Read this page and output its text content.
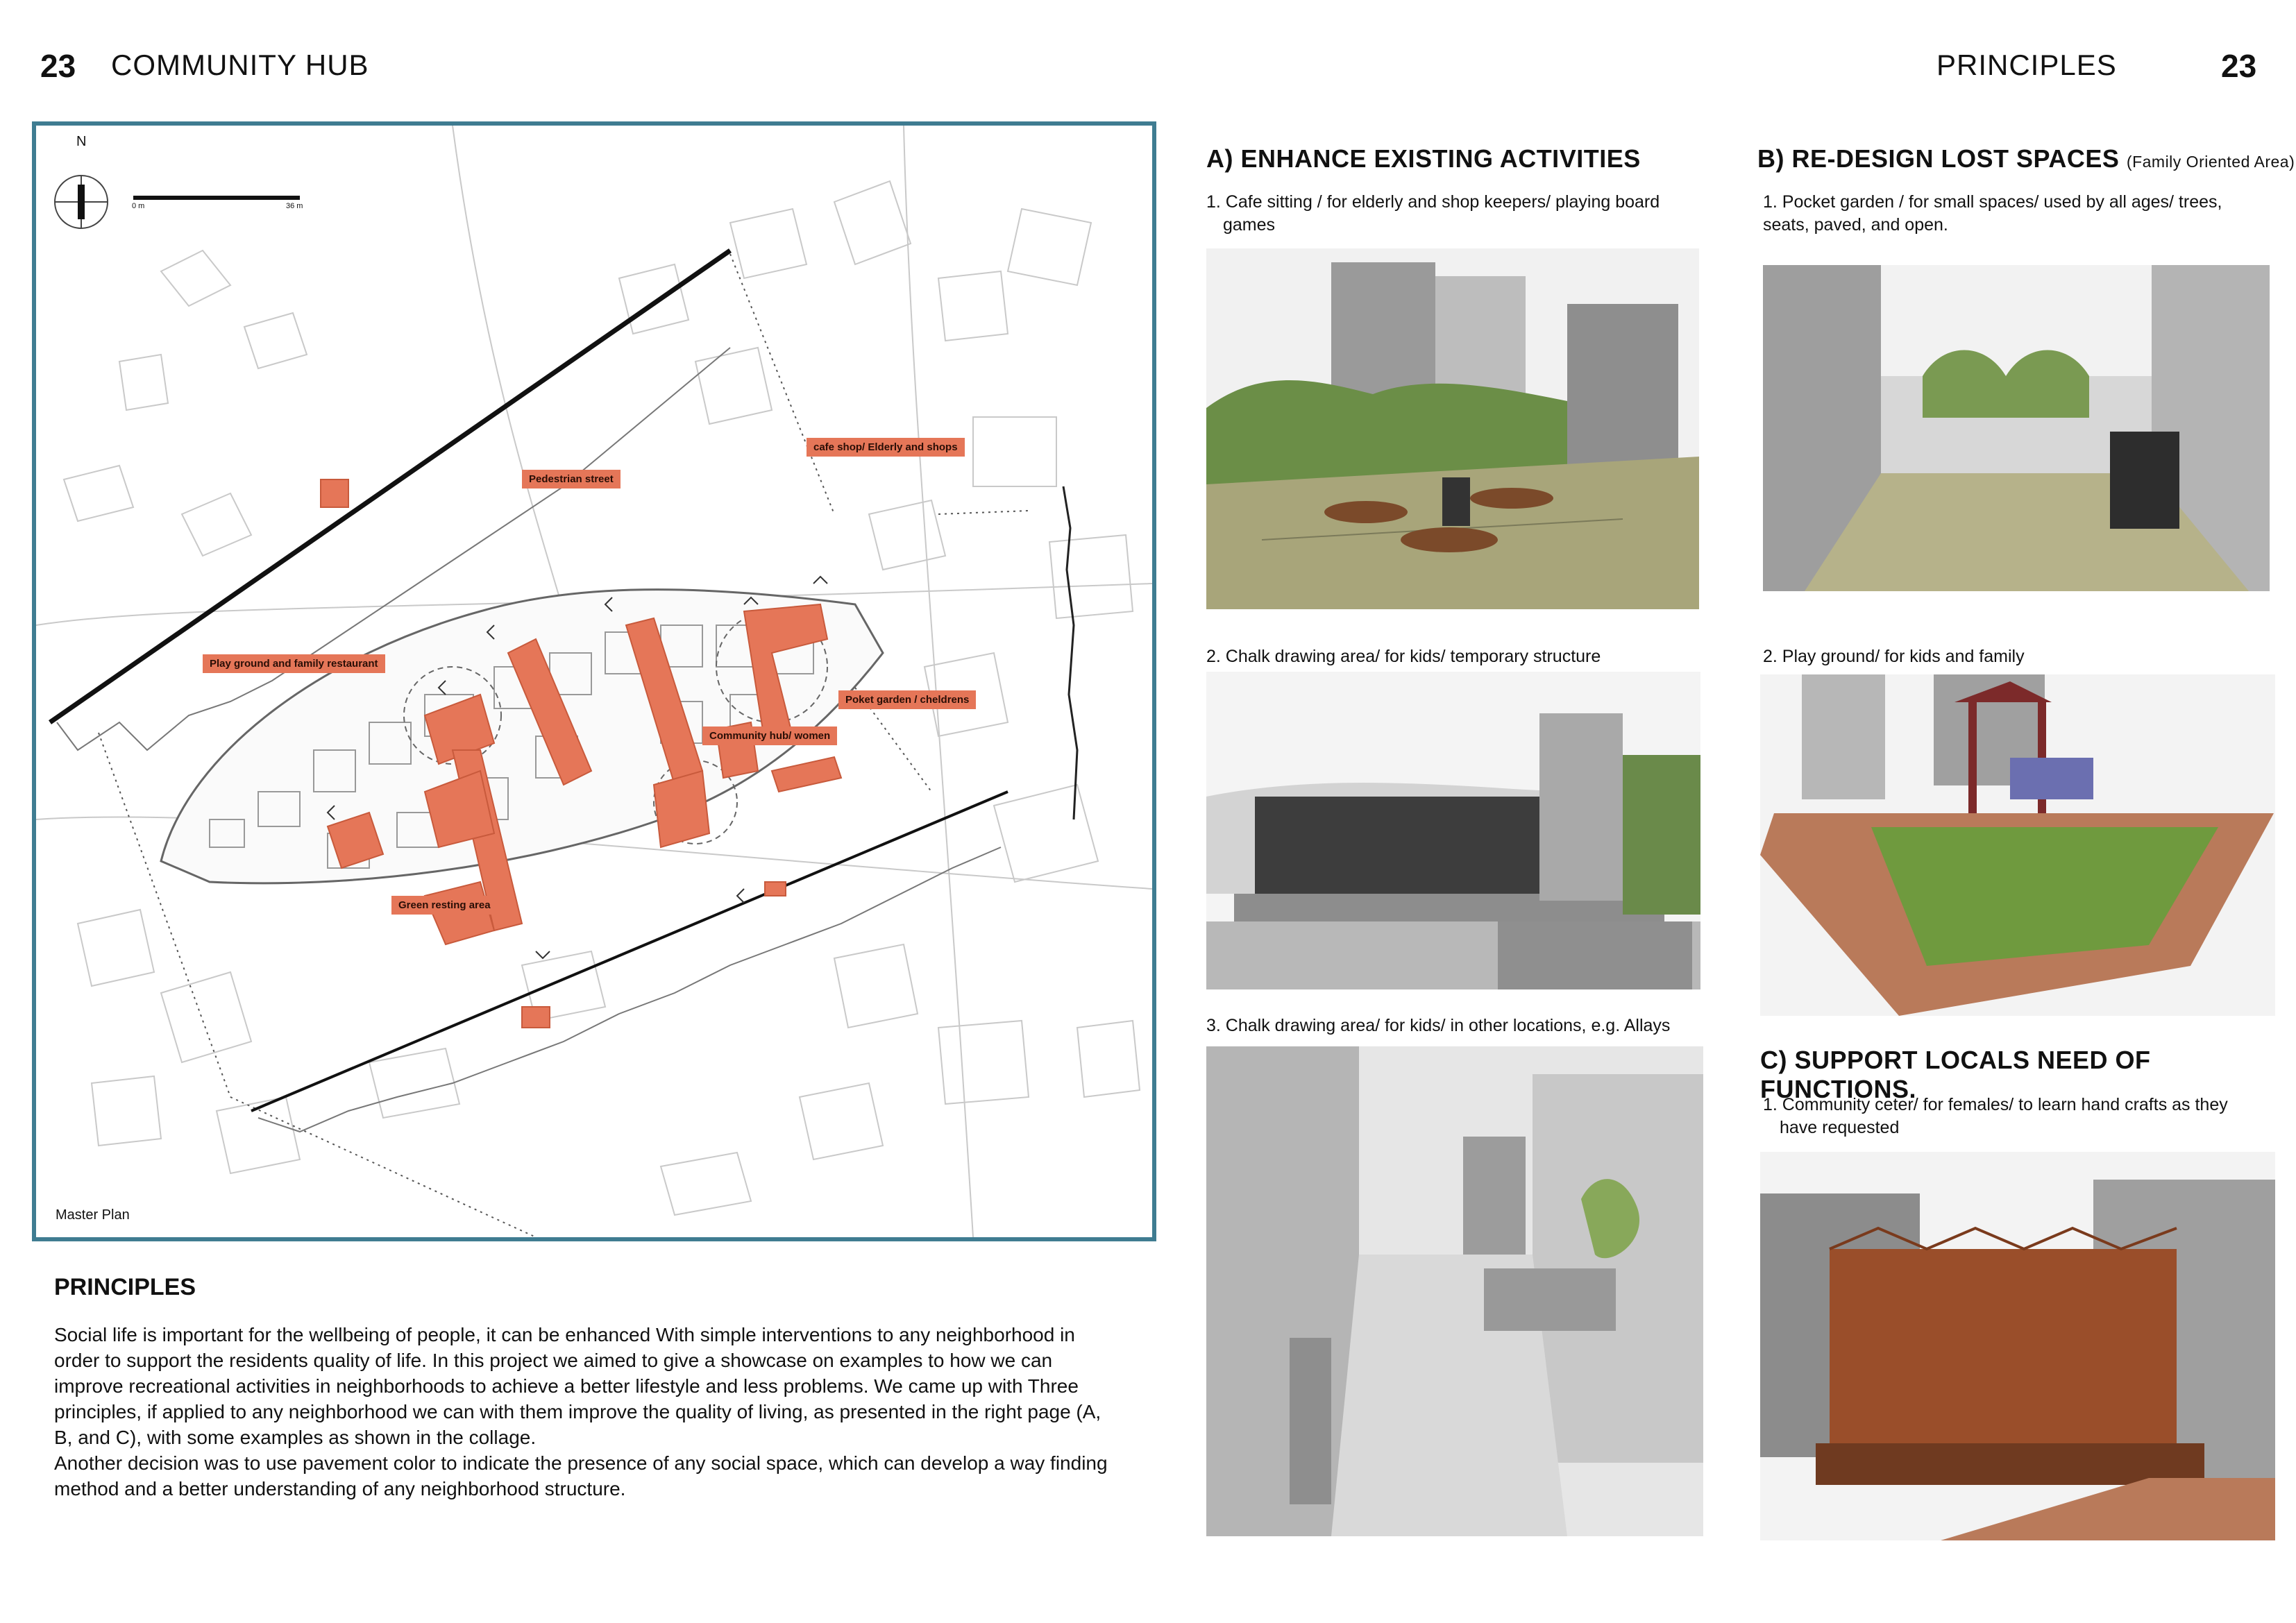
23 COMMUNITY HUB	PRINCIPLES	23
N
0 m	36 m
cafe shop/ Elderly and shops
Pedestrian street
Play ground and family restaurant
Poket garden / cheldrens
Community hub/ women
Green resting area
Master Plan
PRINCIPLES

Social life is important for the wellbeing of people, it can be enhanced With simple interventions to any neighborhood in order to support the residents quality of life. In this project we aimed to give a showcase on examples to how we can improve recreational activities in neighborhoods to achieve a better lifestyle and less problems. We came up with Three principles, if applied to any neighborhood we can with them improve the quality of living, as presented in the right page (A, B, and C), with some examples as shown in the collage.

Another decision was to use pavement color to indicate the presence of any social space, which can develop a way finding method and a better understanding of any neighborhood structure.

A) ENHANCE EXISTING ACTIVITIES
1. Cafe sitting / for elderly and shop keepers/ playing board
games
2. Chalk drawing area/ for kids/ temporary structure
3. Chalk drawing area/ for kids/ in other locations, e.g. Allays
B) RE-DESIGN LOST SPACES (Family Oriented Area)
1. Pocket garden / for small spaces/ used by all ages/ trees,
seats, paved, and open.
2. Play ground/ for kids and family
C) SUPPORT LOCALS NEED OF FUNCTIONS.
1. Community ceter/ for females/ to learn hand crafts as they
have requested
